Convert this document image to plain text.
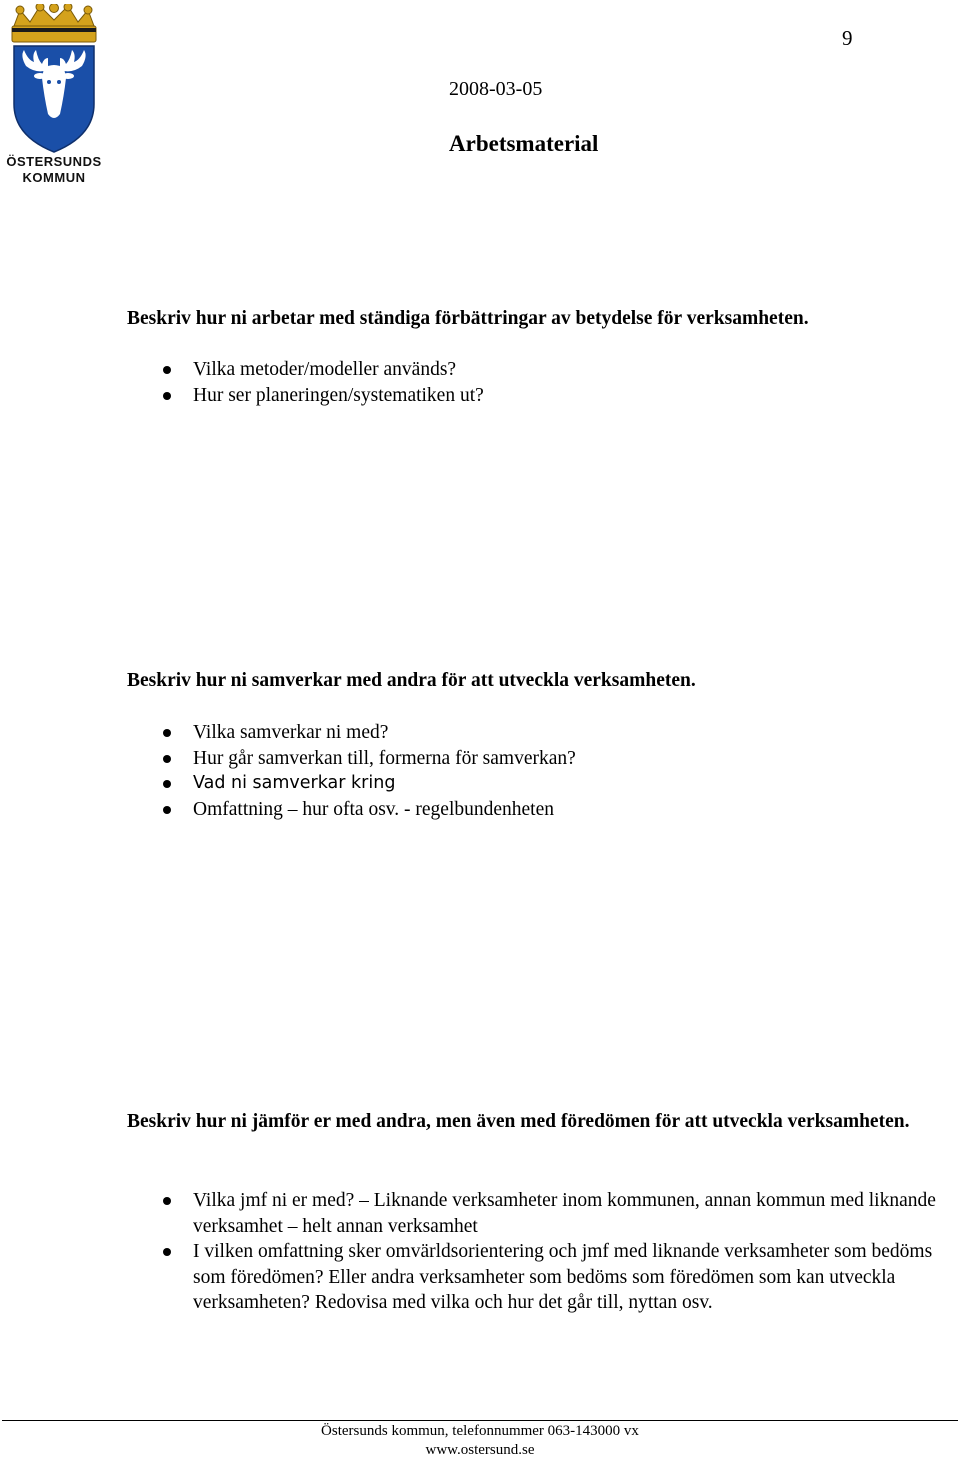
ÖSTERSUNDS
KOMMUN
9
2008-03-05
Arbetsmaterial
Beskriv hur ni arbetar med ständiga förbättringar av betydelse för verksamheten.
Vilka metoder/modeller används?
Hur ser planeringen/systematiken ut?
Beskriv hur ni samverkar med andra för att utveckla verksamheten.
Vilka samverkar ni med?
Hur går samverkan till, formerna för samverkan?
Vad ni samverkar kring
Omfattning – hur ofta osv. - regelbundenheten
Beskriv hur ni jämför er med andra, men även med föredömen för att utveckla verksamheten.
Vilka jmf ni er med? – Liknande verksamheter inom kommunen, annan kommun med liknande verksamhet – helt annan verksamhet
I vilken omfattning sker omvärldsorientering och jmf med liknande verksamheter som bedöms som föredömen? Eller andra verksamheter som bedöms som föredömen som kan utveckla verksamheten? Redovisa med vilka och hur det går till, nyttan osv.
Östersunds kommun, telefonnummer 063-143000 vx
www.ostersund.se
